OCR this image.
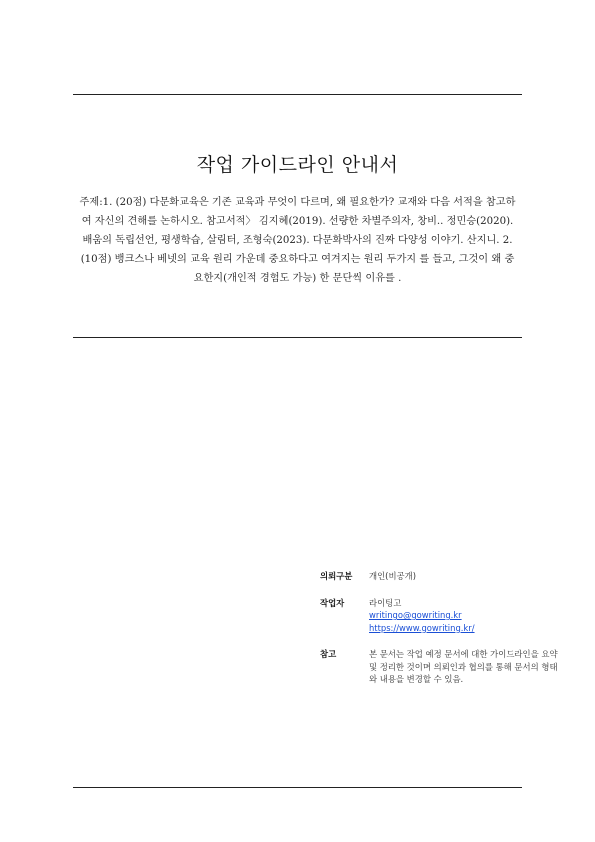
작업 가이드라인 안내서
주제:1. (20점) 다문화교육은 기존 교육과 무엇이 다르며, 왜 필요한가? 교재와 다음 서적을 참고하여 자신의 견해를 논하시오. 참고서적〉 김지혜(2019). 선량한 차별주의자, 창비.. 정민승(2020). 배움의 독립선언, 평생학습, 살림터, 조형숙(2023). 다문화박사의 진짜 다양성 이야기. 산지니. 2. (10점) 뱅크스나 베넷의 교육 원리 가운데 중요하다고 여겨지는 원리 두가지 를 들고, 그것이 왜 중요한지(개인적 경험도 가능) 한 문단씩 이유를 .
의뢰구분	개인(비공개)
작업자	라이팅고
writingo@gowriting.kr
https://www.gowriting.kr/
참고	본 문서는 작업 예정 문서에 대한 가이드라인을 요약 및 정리한 것이며 의뢰인과 협의를 통해 문서의 형태와 내용을 변경할 수 있음.
